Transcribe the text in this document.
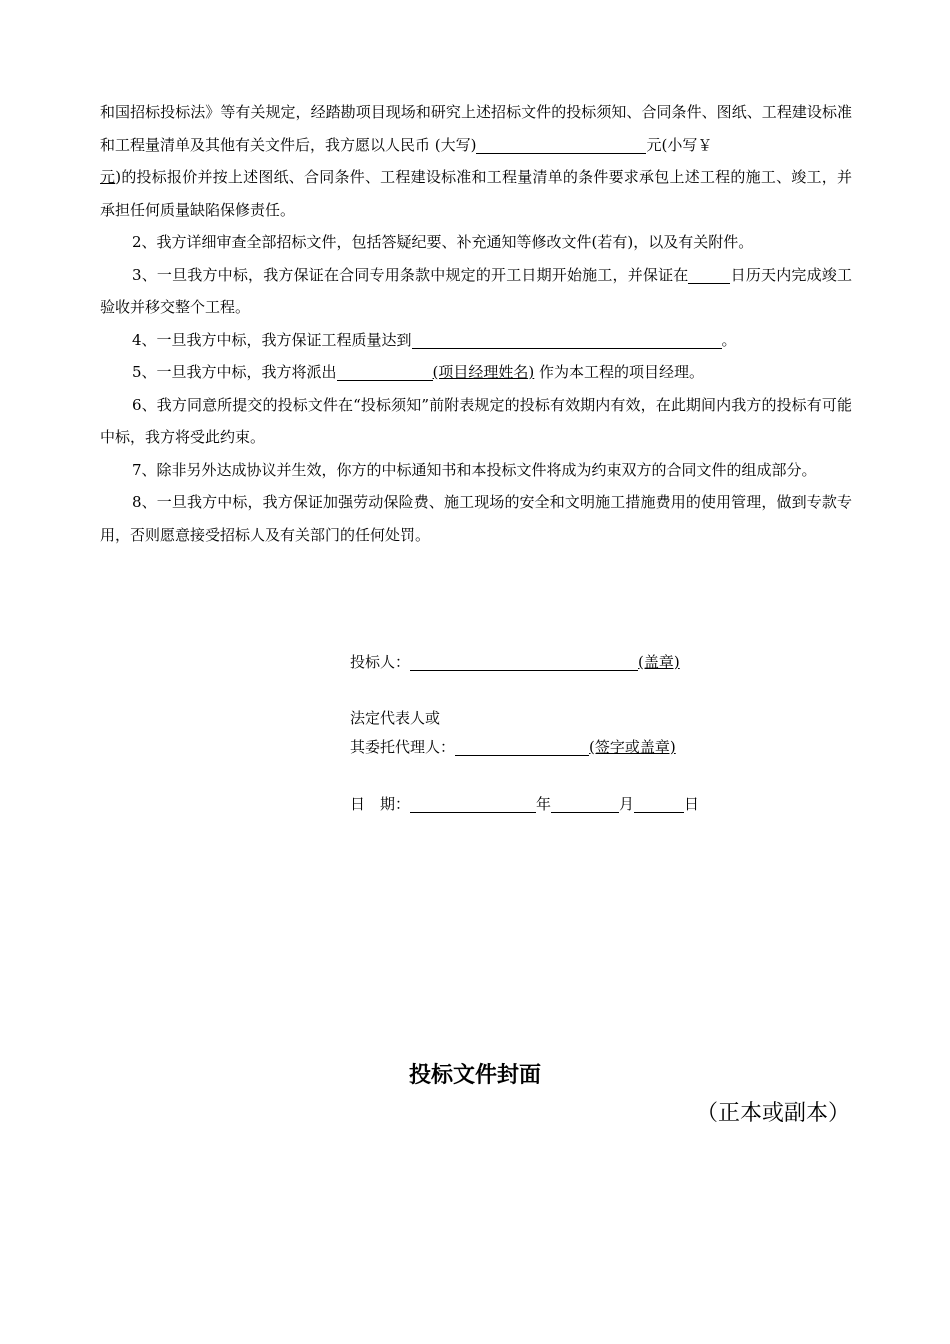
和国招标投标法》等有关规定，经踏勘项目现场和研究上述招标文件的投标须知、合同条件、图纸、工程建设标准和工程量清单及其他有关文件后，我方愿以人民币 (大写)	元(小写￥
元)的投标报价并按上述图纸、合同条件、工程建设标准和工程量清单的条件要求承包上述工程的施工、竣工，并承担任何质量缺陷保修责任。

2、我方详细审查全部招标文件，包括答疑纪要、补充通知等修改文件(若有)，以及有关附件。

3、一旦我方中标，我方保证在合同专用条款中规定的开工日期开始施工，并保证在	日历天内完成竣工验收并移交整个工程。

4、一旦我方中标，我方保证工程质量达到	。

5、一旦我方中标，我方将派出	(项目经理姓名) 作为本工程的项目经理。

6、我方同意所提交的投标文件在“投标须知”前附表规定的投标有效期内有效，在此期间内我方的投标有可能中标，我方将受此约束。

7、除非另外达成协议并生效，你方的中标通知书和本投标文件将成为约束双方的合同文件的组成部分。

8、一旦我方中标，我方保证加强劳动保险费、施工现场的安全和文明施工措施费用的使用管理，做到专款专用，否则愿意接受招标人及有关部门的任何处罚。

投标人：	(盖章)
法定代表人或
其委托代理人：	(签字或盖章)
日　期：	年	月	日
投标文件封面
（正本或副本）
